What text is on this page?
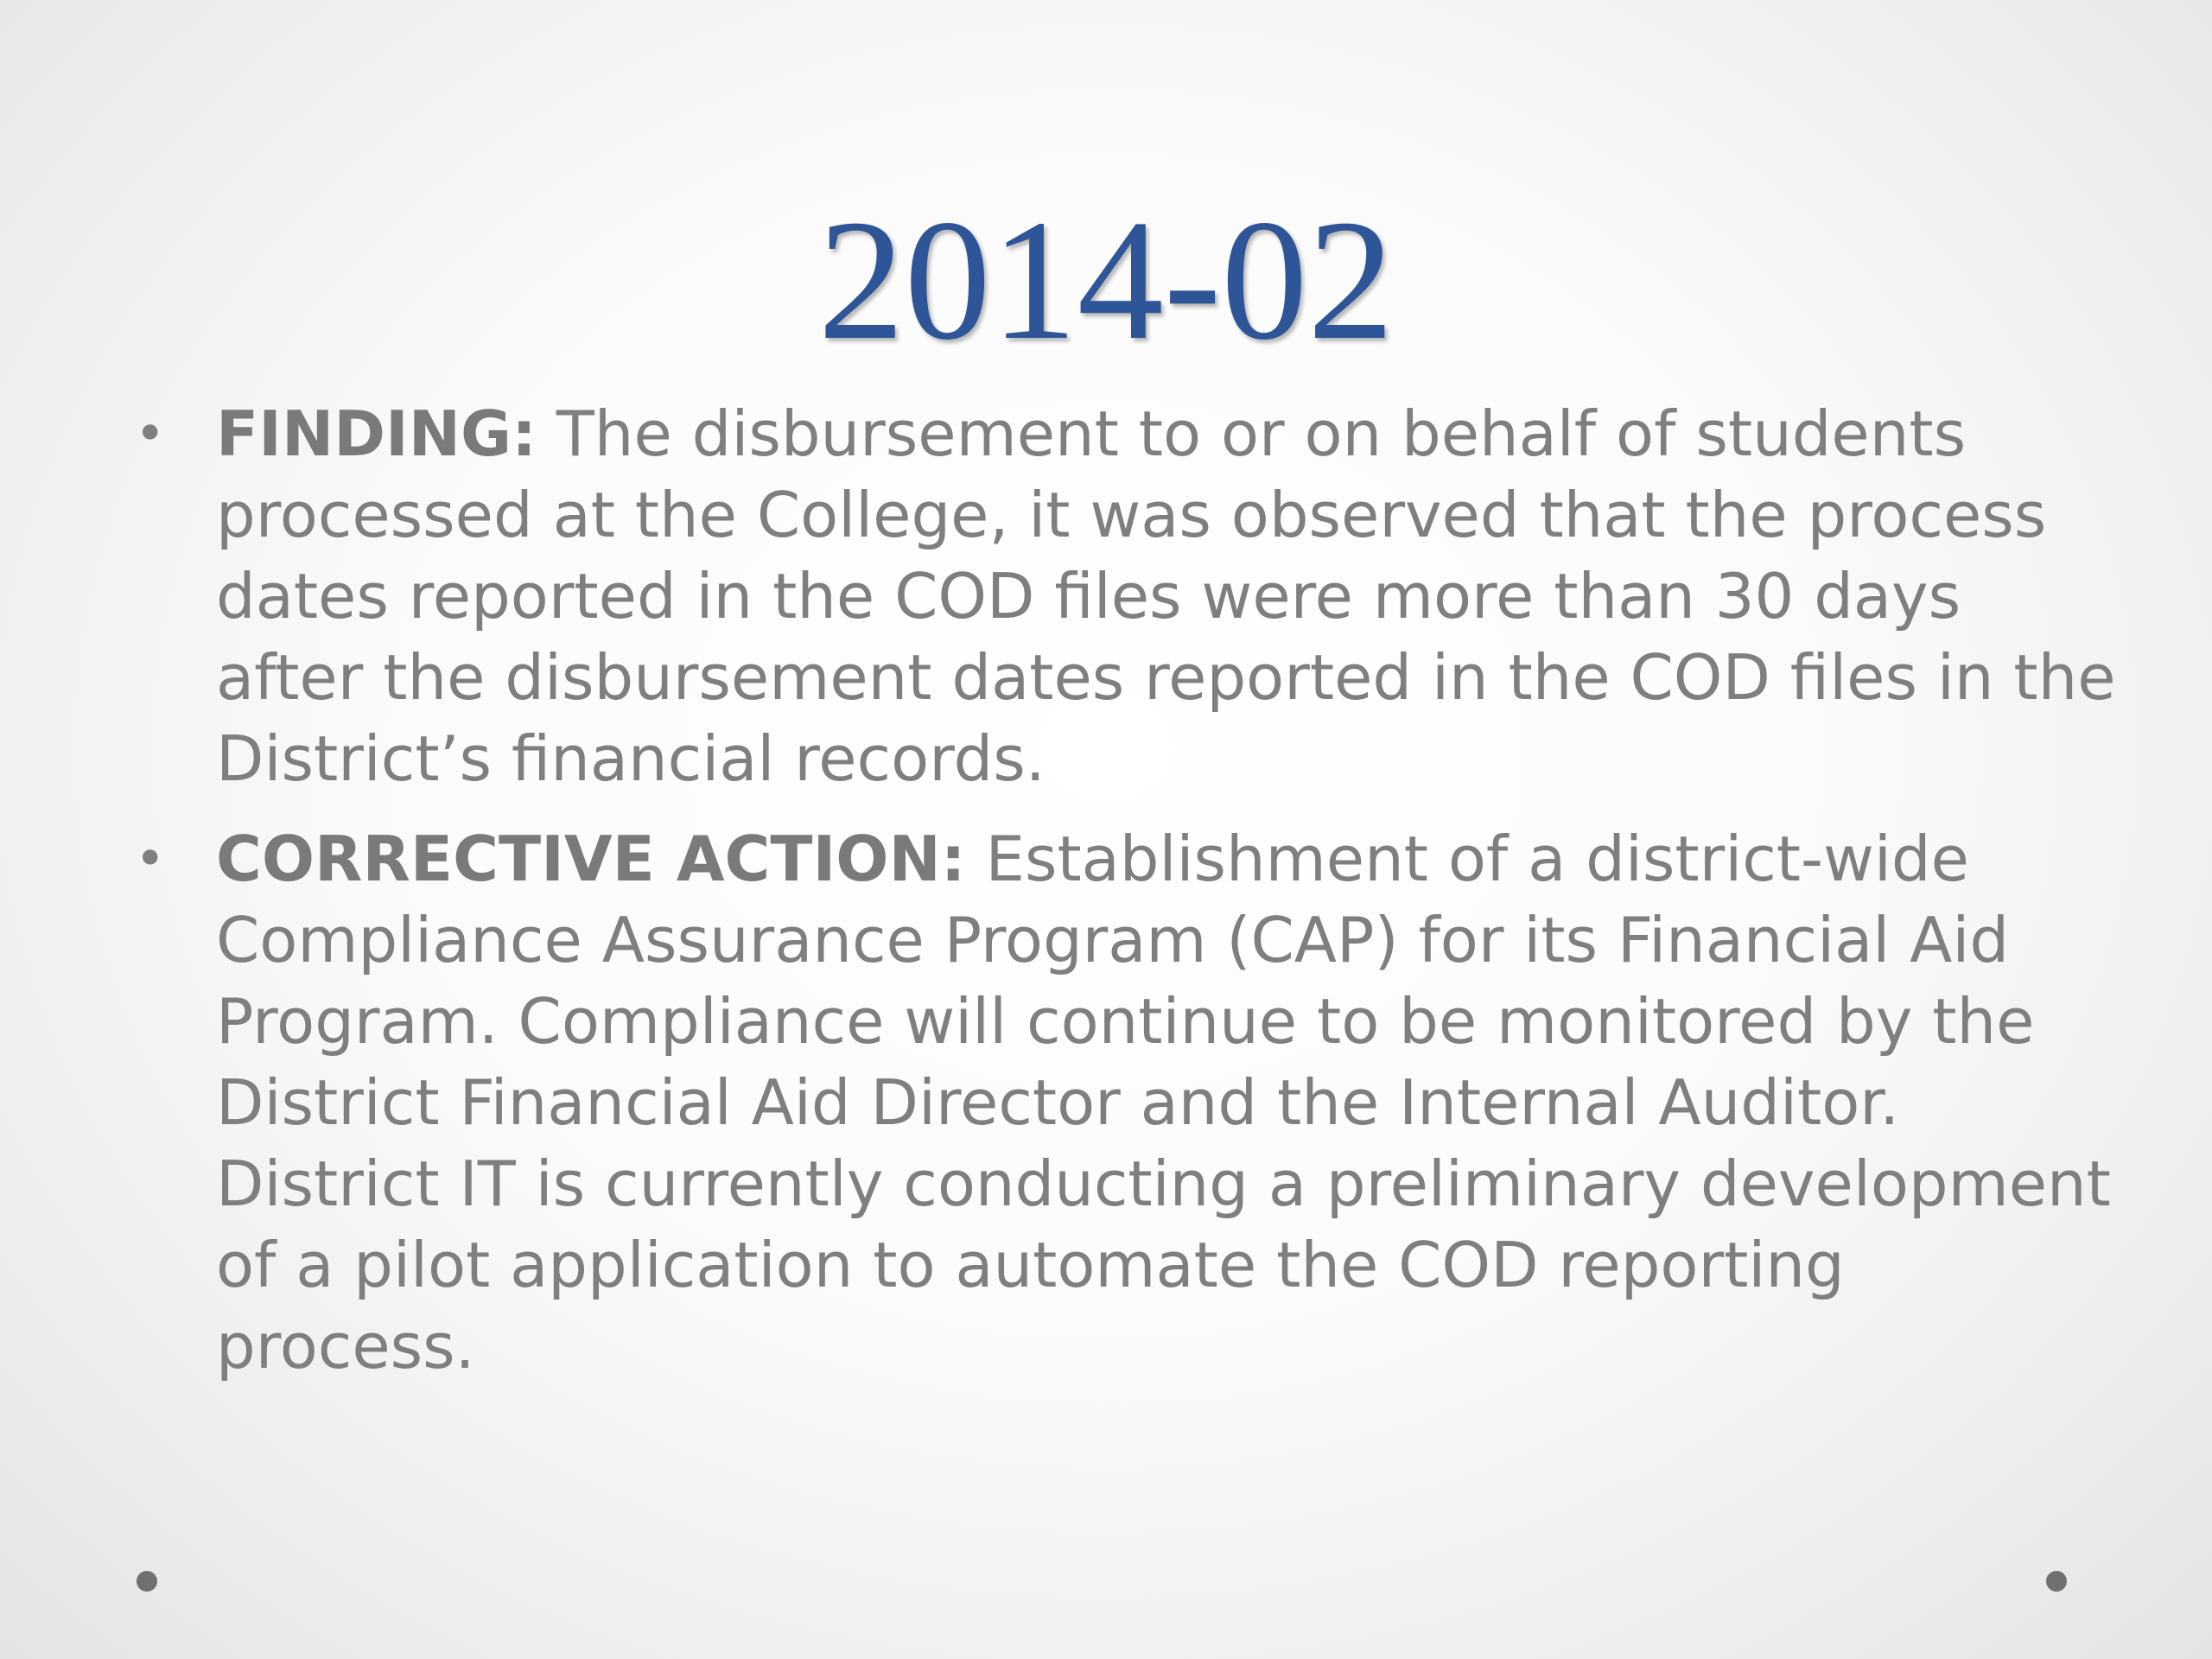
2014-02
• FINDING: The disbursement to or on behalf of students processed at the College, it was observed that the process dates reported in the COD files were more than 30 days after the disbursement dates reported in the COD files in the District’s financial records.
• CORRECTIVE ACTION: Establishment of a district-wide Compliance Assurance Program (CAP) for its Financial Aid Program. Compliance will continue to be monitored by the District Financial Aid Director and the Internal Auditor. District IT is currently conducting a preliminary development of a pilot application to automate the COD reporting process.
